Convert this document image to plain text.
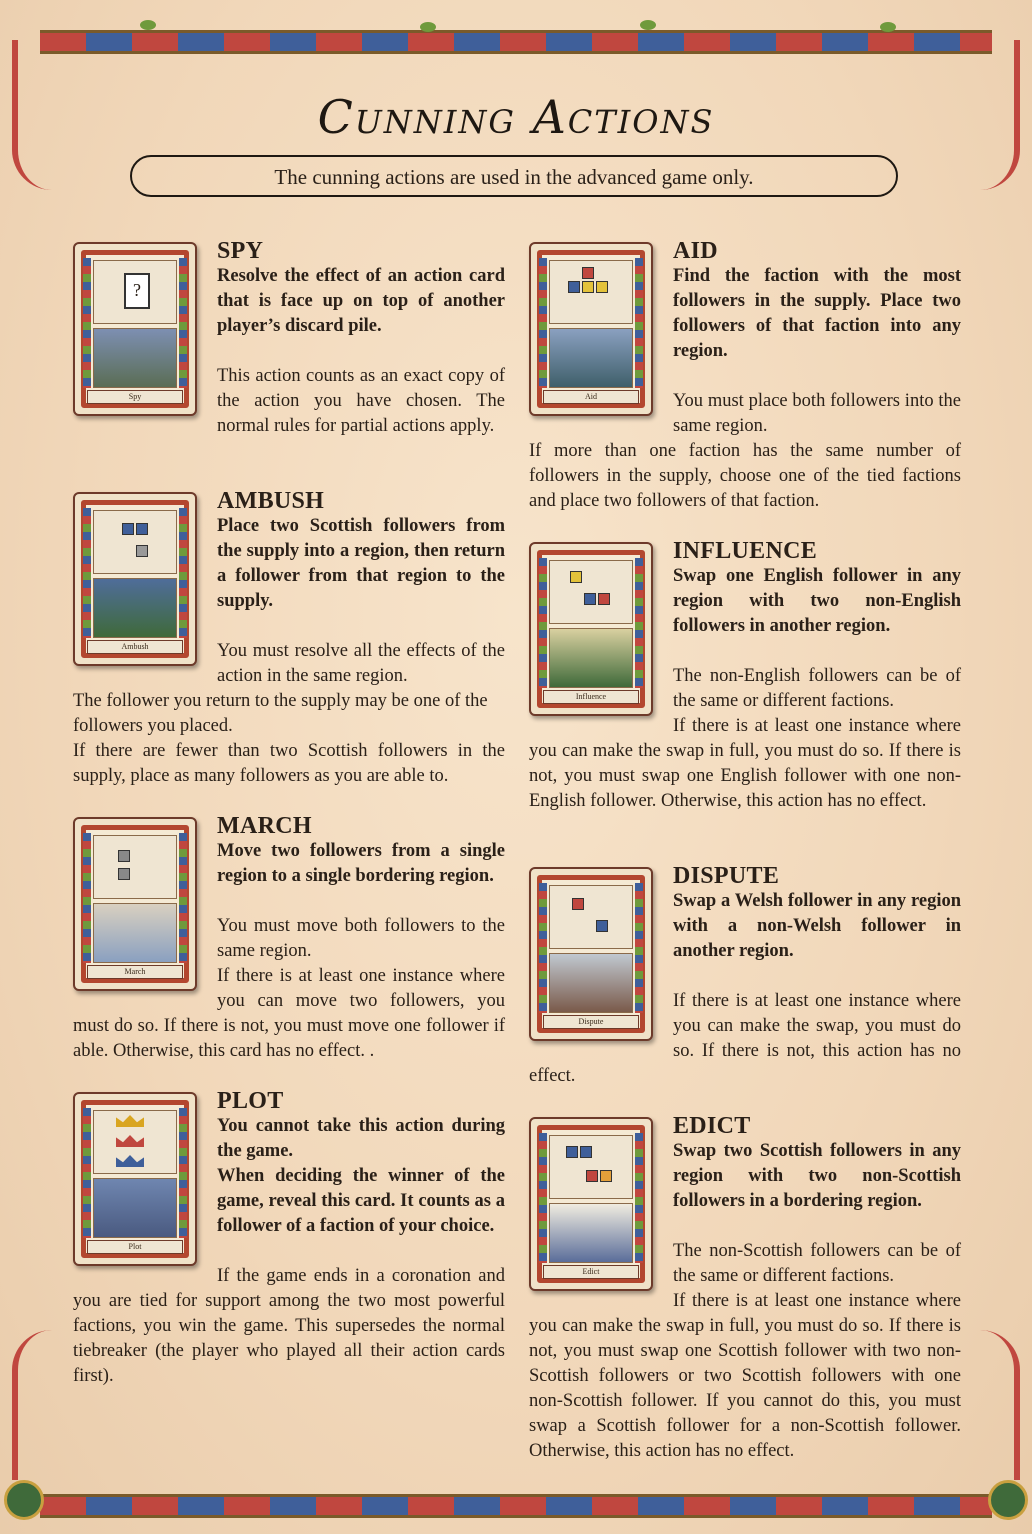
Cunning Actions
The cunning actions are used in the advanced game only.
?
Spy
SPY

Resolve the effect of an action card that is face up on top of another player’s discard pile.

This action counts as an exact copy of the action you have chosen. The normal rules for partial actions apply.

Ambush
AMBUSH

Place two Scottish followers from the supply into a region, then return a follower from that region to the supply.

You must resolve all the effects of the action in the same region.

The follower you return to the supply may be one of the followers you placed.

If there are fewer than two Scottish followers in the supply, place as many followers as you are able to.

March
MARCH

Move two followers from a single region to a single bordering region.

You must move both followers to the same region.

If there is at least one instance where you can move two followers, you must do so. If there is not, you must move one follower if able. Otherwise, this card has no effect. .

Plot
PLOT

You cannot take this action during the game.

When deciding the winner of the game, reveal this card. It counts as a follower of a faction of your choice.

If the game ends in a coronation and you are tied for support among the two most powerful factions, you win the game. This supersedes the normal tiebreaker (the player who played all their action cards first).

Aid
AID

Find the faction with the most followers in the supply. Place two followers of that faction into any region.

You must place both followers into the same region.

If more than one faction has the same number of followers in the supply, choose one of the tied factions and place two followers of that faction.

Influence
INFLUENCE

Swap one English follower in any region with two non-English followers in another region.

The non-English followers can be of the same or different factions.

If there is at least one instance where you can make the swap in full, you must do so. If there is not, you must swap one English follower with one non-English follower. Otherwise, this action has no effect.

Dispute
DISPUTE

Swap a Welsh follower in any region with a non-Welsh follower in another region.

If there is at least one instance where you can make the swap, you must do so. If there is not, this action has no effect.

Edict
EDICT

Swap two Scottish followers in any region with two non-Scottish followers in a bordering region.

The non-Scottish followers can be of the same or different factions.

If there is at least one instance where you can make the swap in full, you must do so. If there is not, you must swap one Scottish follower with two non-Scottish followers or two Scottish followers with one non-Scottish follower. If you cannot do this, you must swap a Scottish follower for a non-Scottish follower. Otherwise, this action has no effect.
